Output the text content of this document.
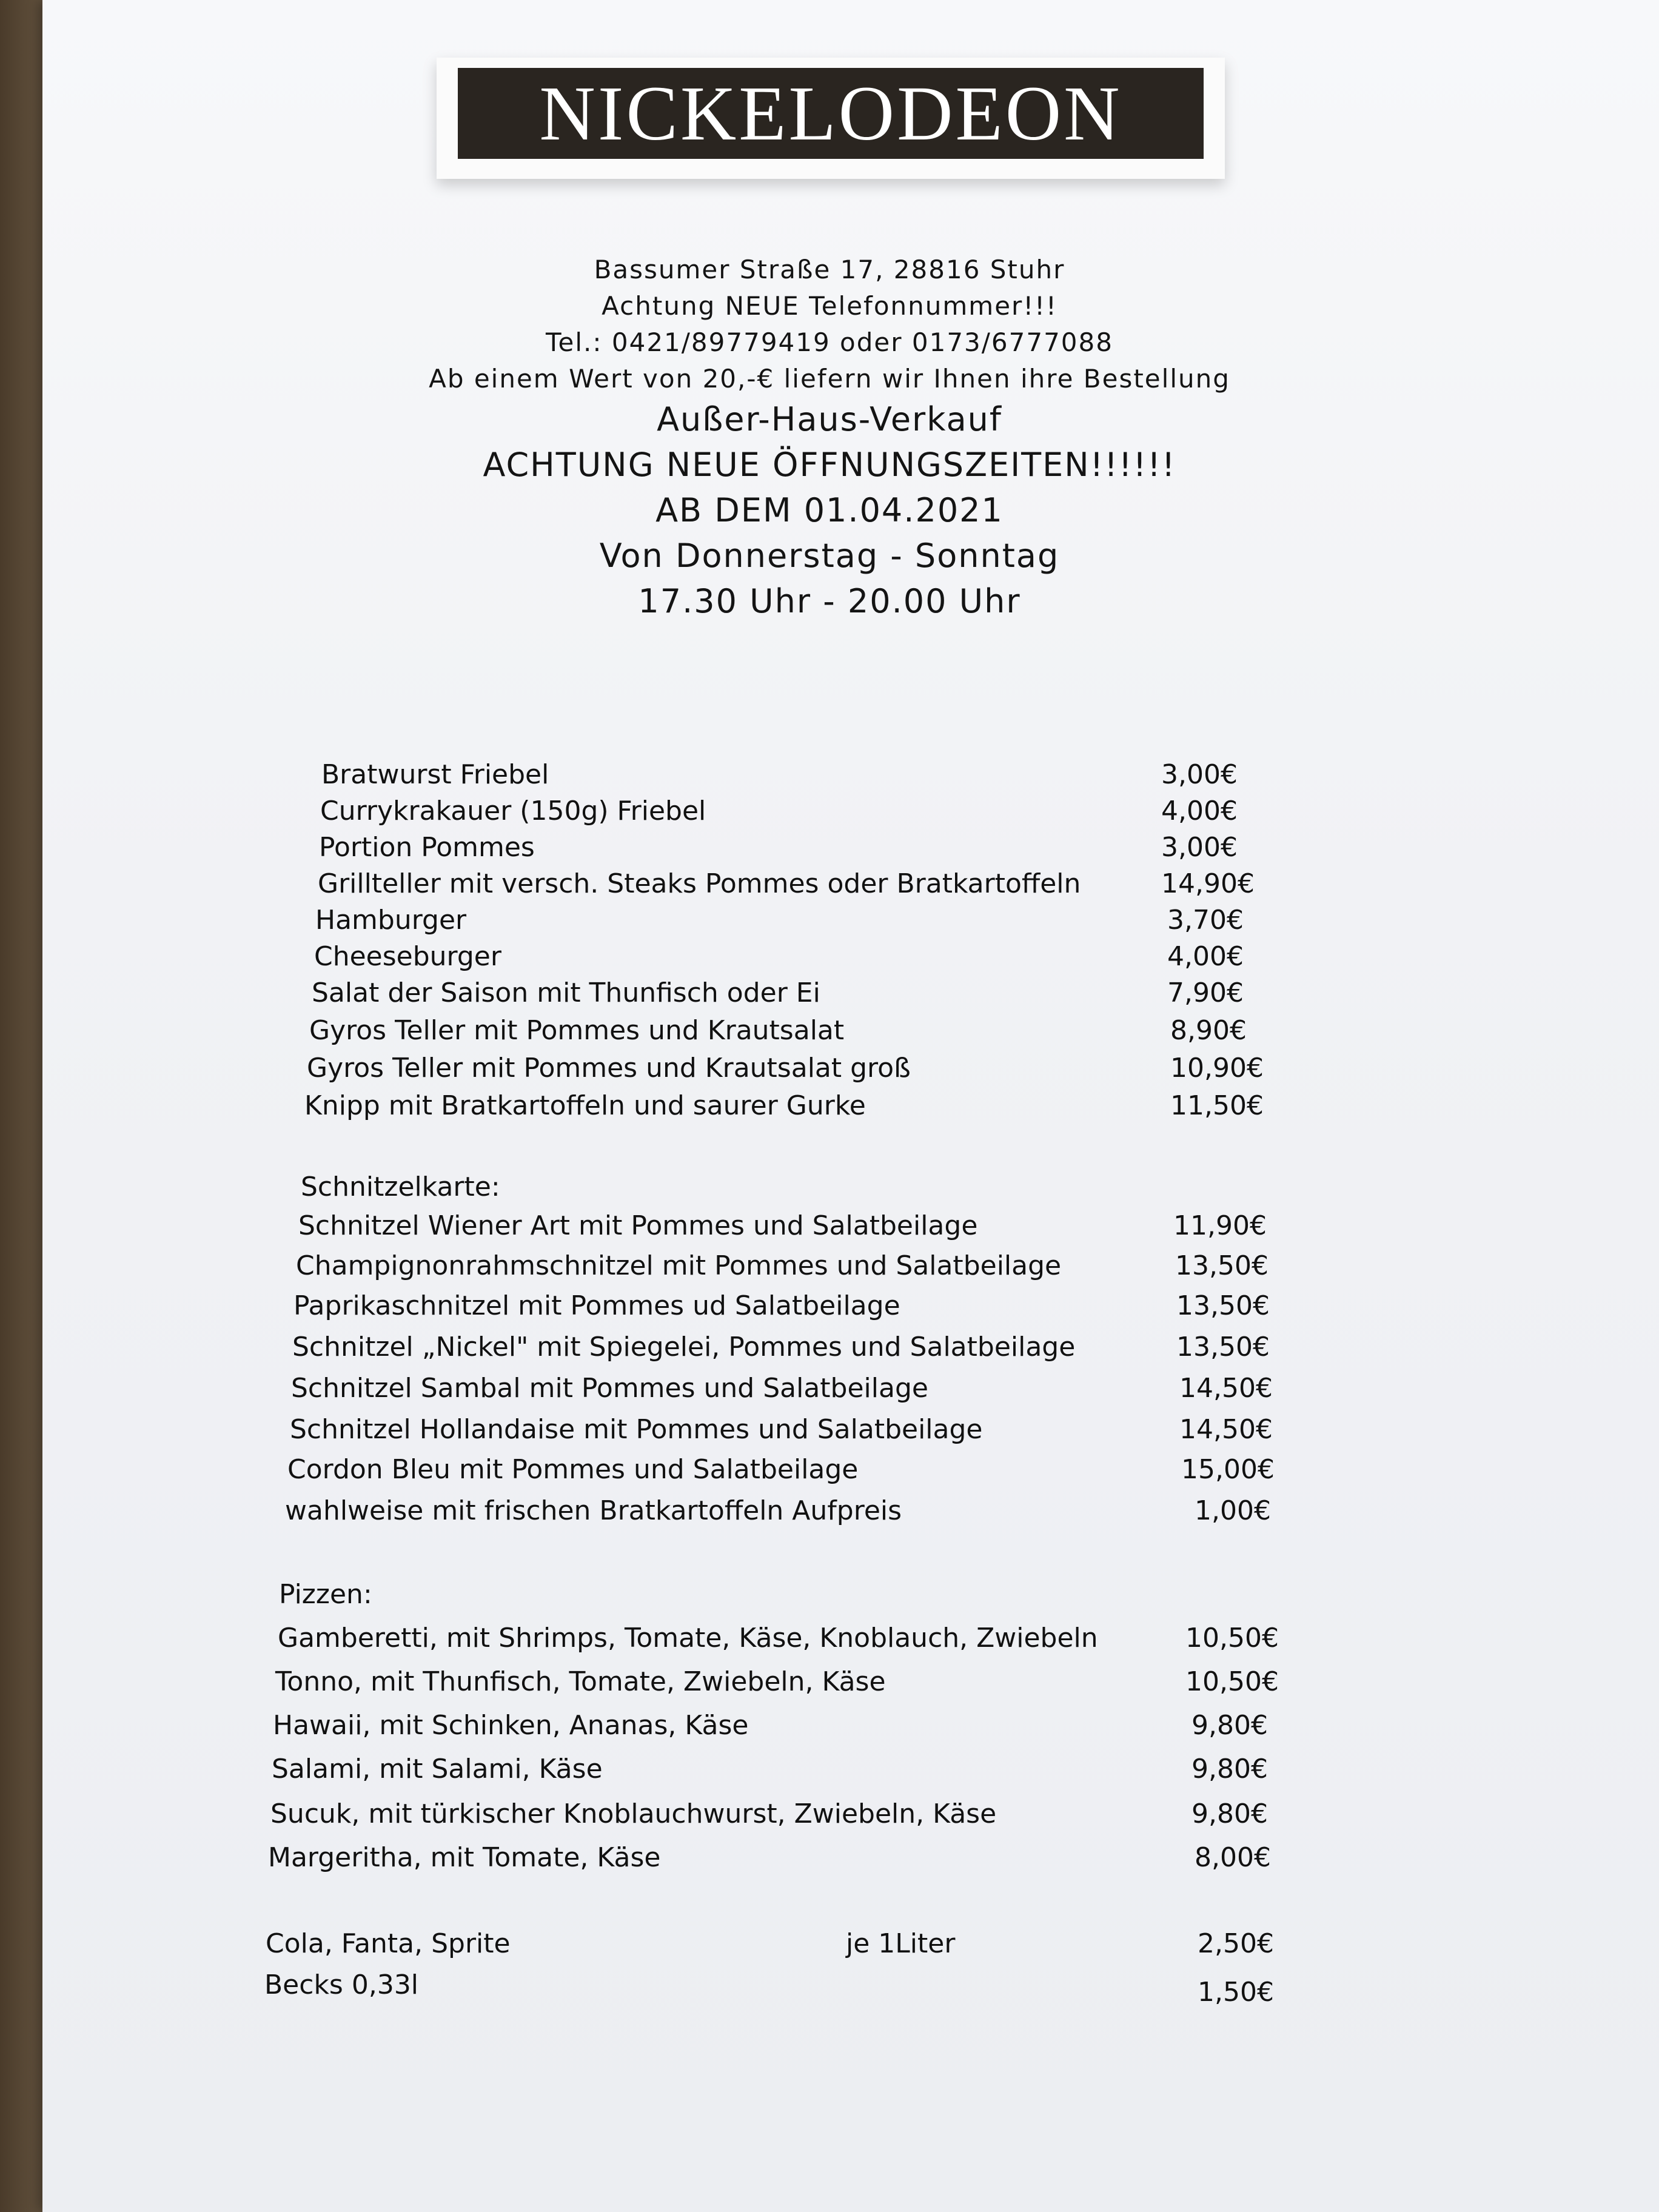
NICKELODEON
Bassumer Straße 17, 28816 Stuhr
Achtung NEUE Telefonnummer!!!
Tel.: 0421/89779419 oder 0173/6777088
Ab einem Wert von 20,-€ liefern wir Ihnen ihre Bestellung
Außer-Haus-Verkauf
ACHTUNG NEUE ÖFFNUNGSZEITEN!!!!!!
AB DEM 01.04.2021
Von Donnerstag - Sonntag
17.30 Uhr - 20.00 Uhr
Bratwurst Friebel	3,00€
Currykrakauer (150g) Friebel	4,00€
Portion Pommes	3,00€
Grillteller mit versch. Steaks Pommes oder Bratkartoffeln	14,90€
Hamburger	3,70€
Cheeseburger	4,00€
Salat der Saison mit Thunfisch oder Ei	7,90€
Gyros Teller mit Pommes und Krautsalat	8,90€
Gyros Teller mit Pommes und Krautsalat groß	10,90€
Knipp mit Bratkartoffeln und saurer Gurke	11,50€
Schnitzelkarte:
Schnitzel Wiener Art mit Pommes und Salatbeilage	11,90€
Champignonrahmschnitzel mit Pommes und Salatbeilage	13,50€
Paprikaschnitzel mit Pommes ud Salatbeilage	13,50€
Schnitzel „Nickel" mit Spiegelei, Pommes und Salatbeilage	13,50€
Schnitzel Sambal mit Pommes und Salatbeilage	14,50€
Schnitzel Hollandaise mit Pommes und Salatbeilage	14,50€
Cordon Bleu mit Pommes und Salatbeilage	15,00€
wahlweise mit frischen Bratkartoffeln Aufpreis	1,00€
Pizzen:
Gamberetti, mit Shrimps, Tomate, Käse, Knoblauch, Zwiebeln	10,50€
Tonno, mit Thunfisch, Tomate, Zwiebeln, Käse	10,50€
Hawaii, mit Schinken, Ananas, Käse	9,80€
Salami, mit Salami, Käse	9,80€
Sucuk, mit türkischer Knoblauchwurst, Zwiebeln, Käse	9,80€
Margeritha, mit Tomate, Käse	8,00€
Cola, Fanta, Sprite	je 1Liter	2,50€
Becks 0,33l	1,50€
